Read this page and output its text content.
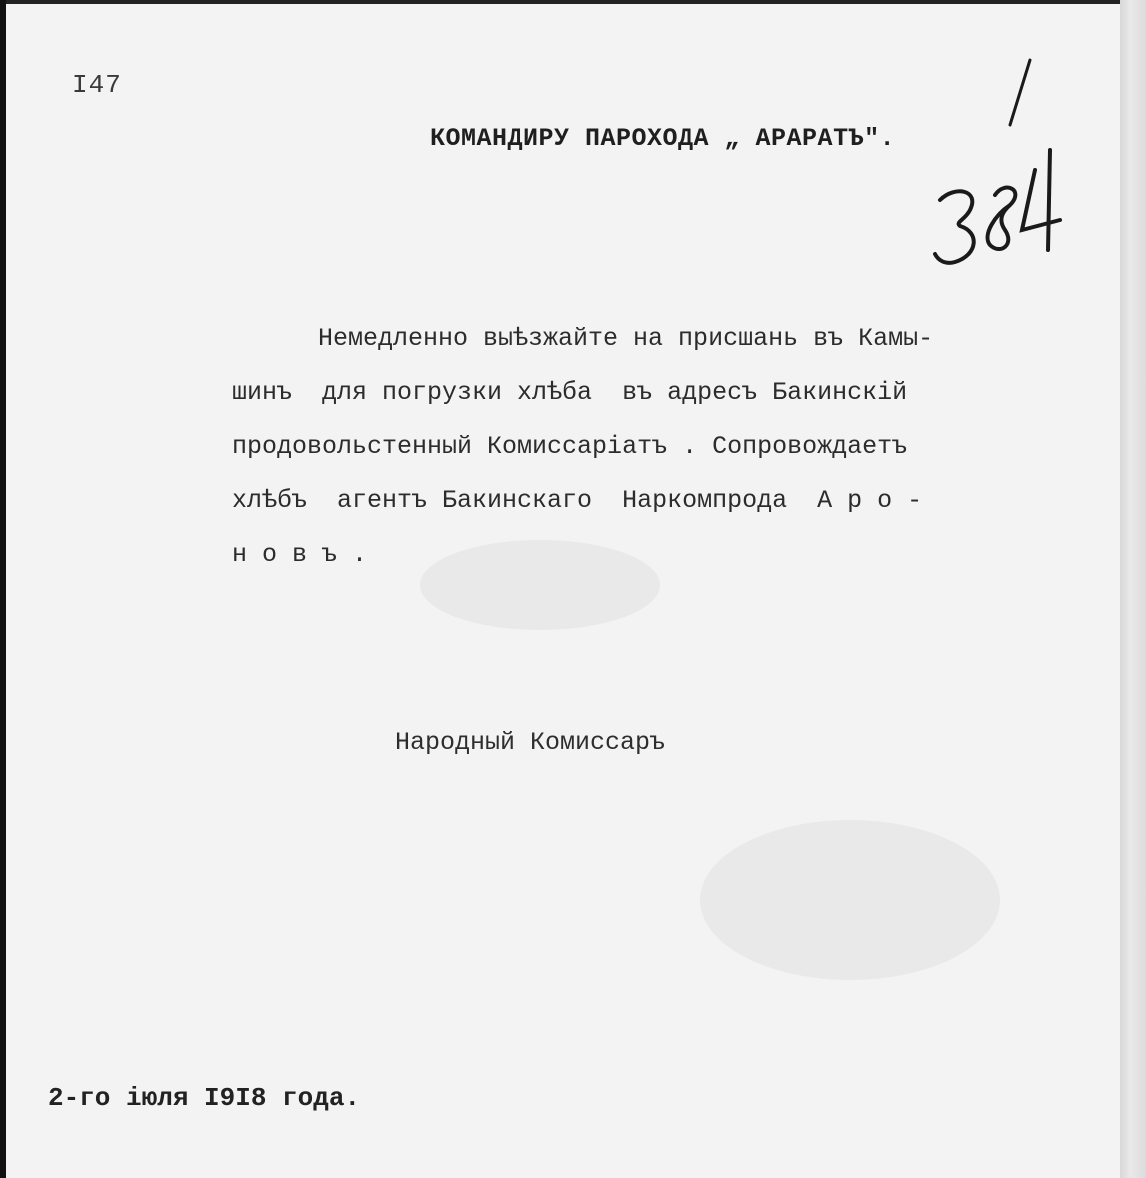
I47
КОМАНДИРУ ПАРОХОДА „ АРАРАТЪ".
Немедленно выѣзжайте на присшань въ Камы-
шинъ  для погрузки хлѣба  въ адресъ Бакинскій
продовольстенный Комиссаріатъ . Сопровождаетъ
хлѣбъ  агентъ Бакинскаго  Наркомпрода  А р о -
н о в ъ .
Народный Комиссаръ
2-го іюля I9I8 года.
